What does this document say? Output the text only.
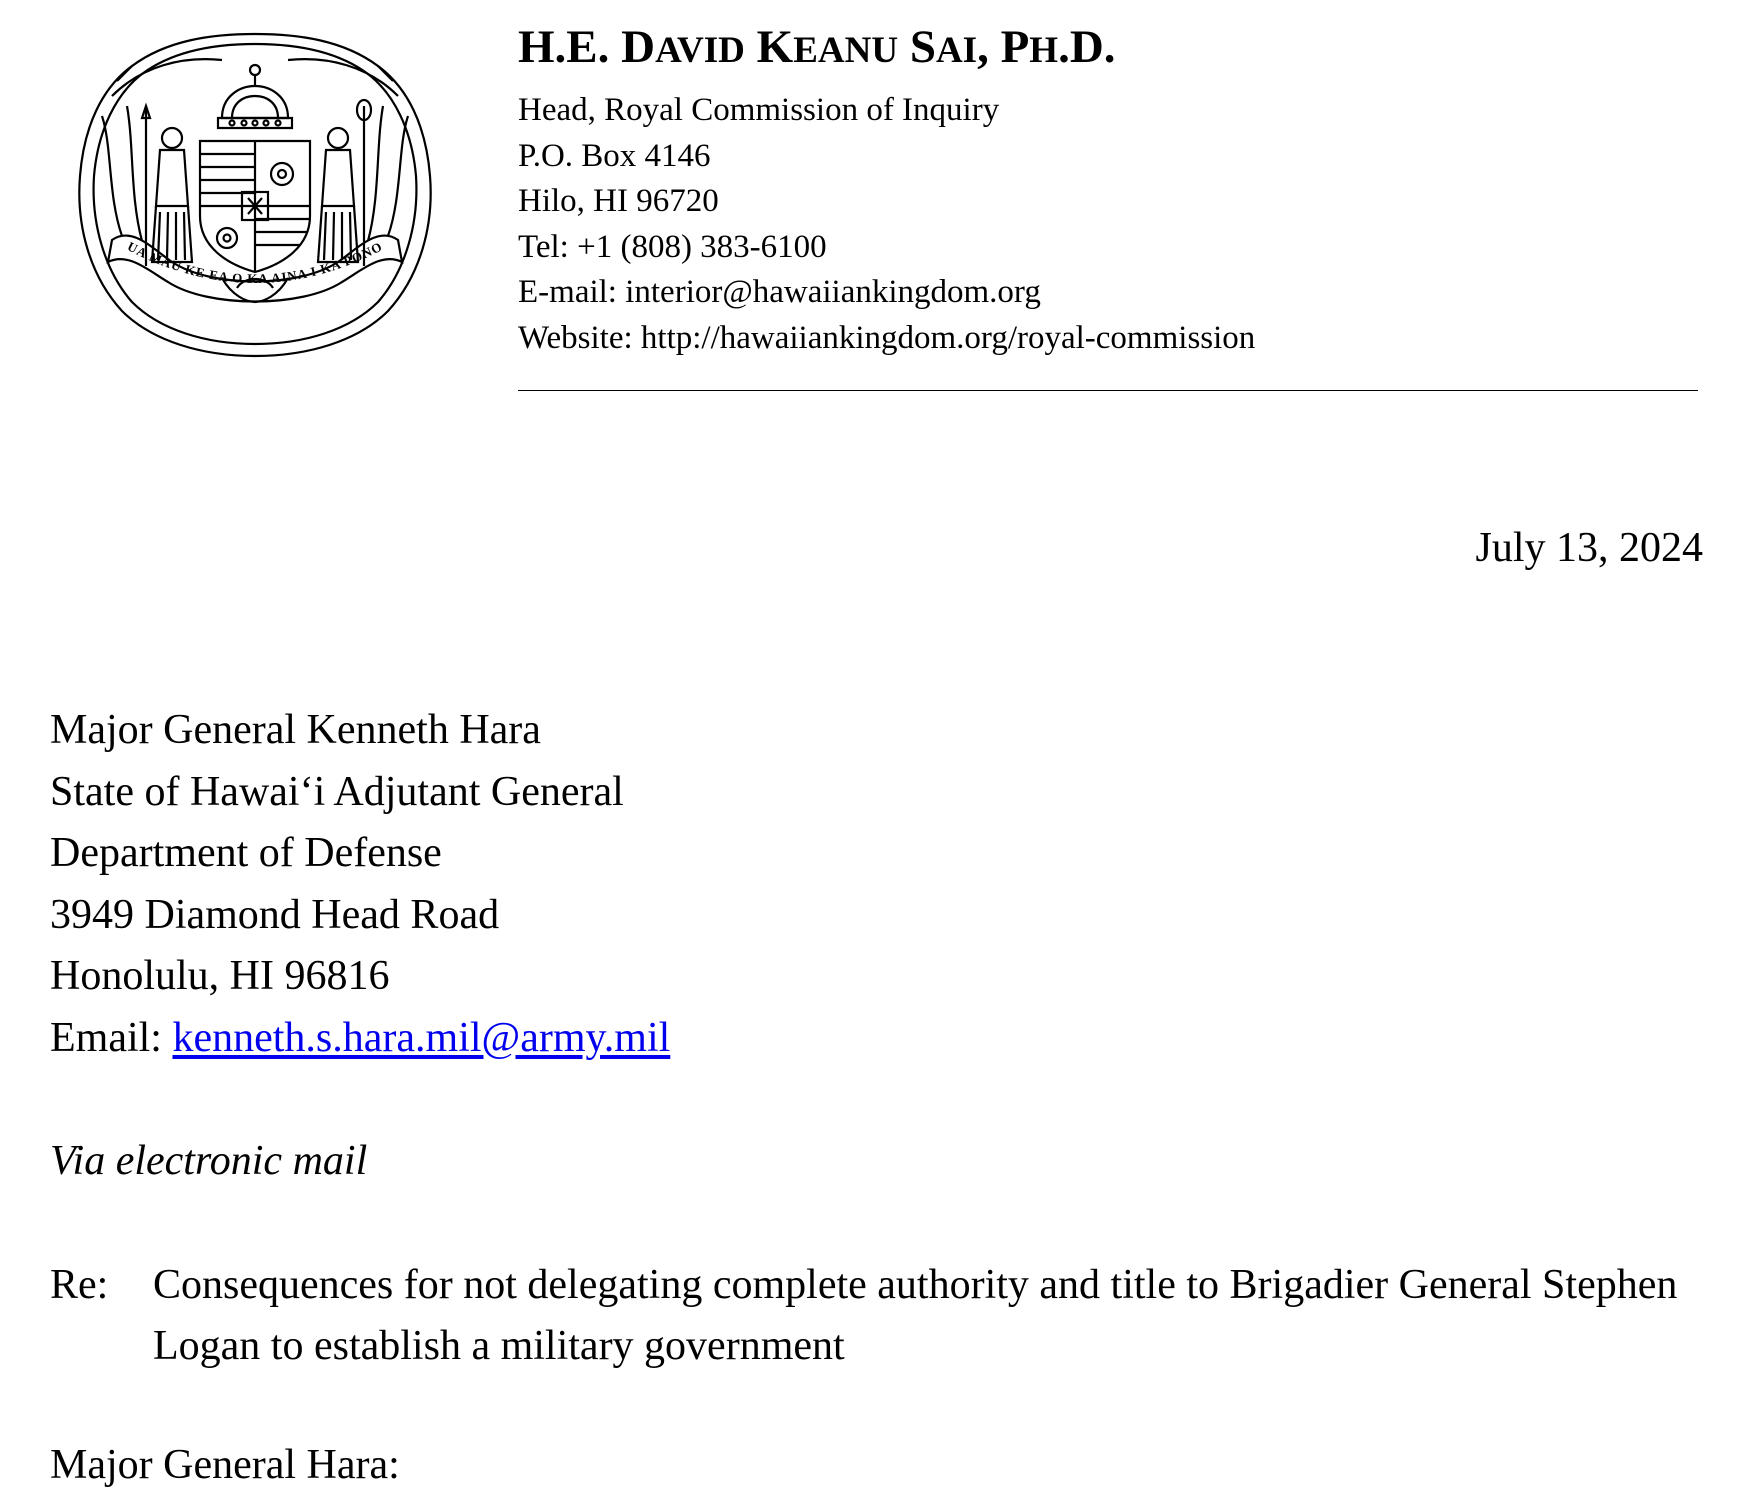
UA MAU KE EA O KA AINA I KA PONO
H.E. DAVID KEANU SAI, PH.D.
Head, Royal Commission of Inquiry
P.O. Box 4146
Hilo, HI 96720
Tel: +1 (808) 383-6100
E-mail: interior@hawaiiankingdom.org
Website: http://hawaiiankingdom.org/royal-commission
July 13, 2024
Major General Kenneth Hara
State of Hawaiʻi Adjutant General
Department of Defense
3949 Diamond Head Road
Honolulu, HI 96816
Email: kenneth.s.hara.mil@army.mil
Via electronic mail
Re: Consequences for not delegating complete authority and title to Brigadier General Stephen Logan to establish a military government
Major General Hara:
